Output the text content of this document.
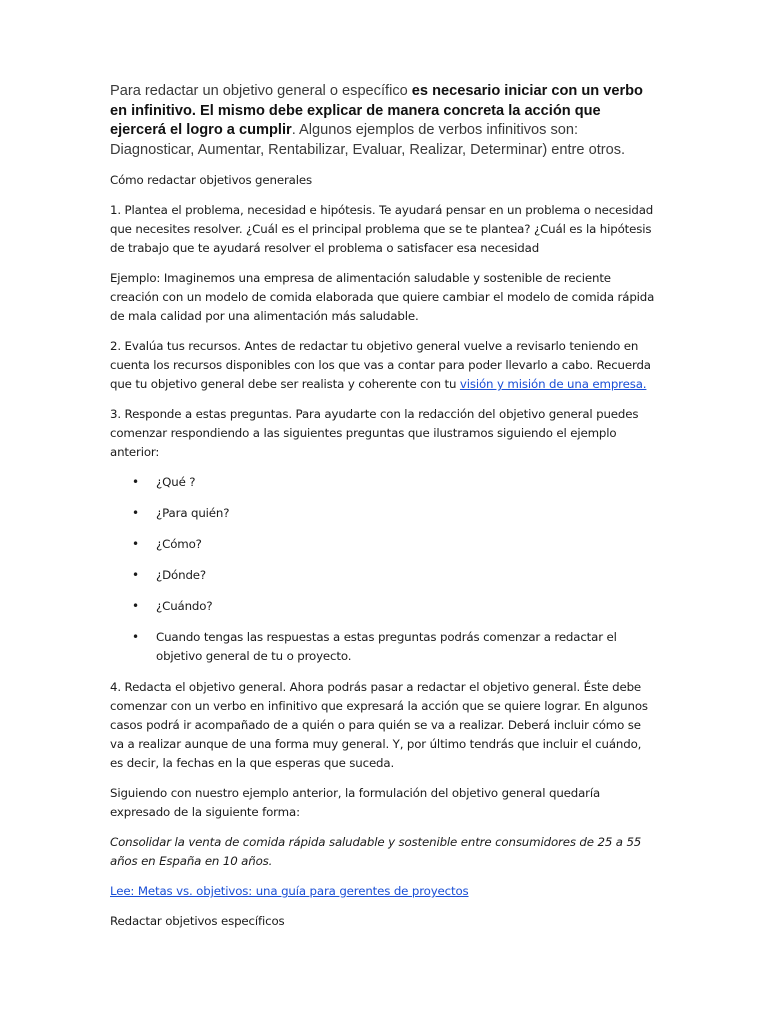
Para redactar un objetivo general o específico es necesario iniciar con un verbo en infinitivo. El mismo debe explicar de manera concreta la acción que ejercerá el logro a cumplir. Algunos ejemplos de verbos infinitivos son: Diagnosticar, Aumentar, Rentabilizar, Evaluar, Realizar, Determinar) entre otros.

Cómo redactar objetivos generales

1. Plantea el problema, necesidad e hipótesis. Te ayudará pensar en un problema o necesidad que necesites resolver. ¿Cuál es el principal problema que se te plantea? ¿Cuál es la hipótesis de trabajo que te ayudará resolver el problema o satisfacer esa necesidad

Ejemplo: Imaginemos una empresa de alimentación saludable y sostenible de reciente creación con un modelo de comida elaborada que quiere cambiar el modelo de comida rápida de mala calidad por una alimentación más saludable.

2. Evalúa tus recursos. Antes de redactar tu objetivo general vuelve a revisarlo teniendo en cuenta los recursos disponibles con los que vas a contar para poder llevarlo a cabo. Recuerda que tu objetivo general debe ser realista y coherente con tu visión y misión de una empresa.

3. Responde a estas preguntas. Para ayudarte con la redacción del objetivo general puedes comenzar respondiendo a las siguientes preguntas que ilustramos siguiendo el ejemplo anterior:

• ¿Qué ?
• ¿Para quién?
• ¿Cómo?
• ¿Dónde?
• ¿Cuándo?
• Cuando tengas las respuestas a estas preguntas podrás comenzar a redactar el objetivo general de tu o proyecto.

4. Redacta el objetivo general. Ahora podrás pasar a redactar el objetivo general. Éste debe comenzar con un verbo en infinitivo que expresará la acción que se quiere lograr. En algunos casos podrá ir acompañado de a quién o para quién se va a realizar. Deberá incluir cómo se va a realizar aunque de una forma muy general. Y, por último tendrás que incluir el cuándo, es decir, la fechas en la que esperas que suceda.

Siguiendo con nuestro ejemplo anterior, la formulación del objetivo general quedaría expresado de la siguiente forma:

Consolidar la venta de comida rápida saludable y sostenible entre consumidores de 25 a 55 años en España en 10 años.

Lee: Metas vs. objetivos: una guía para gerentes de proyectos

Redactar objetivos específicos
